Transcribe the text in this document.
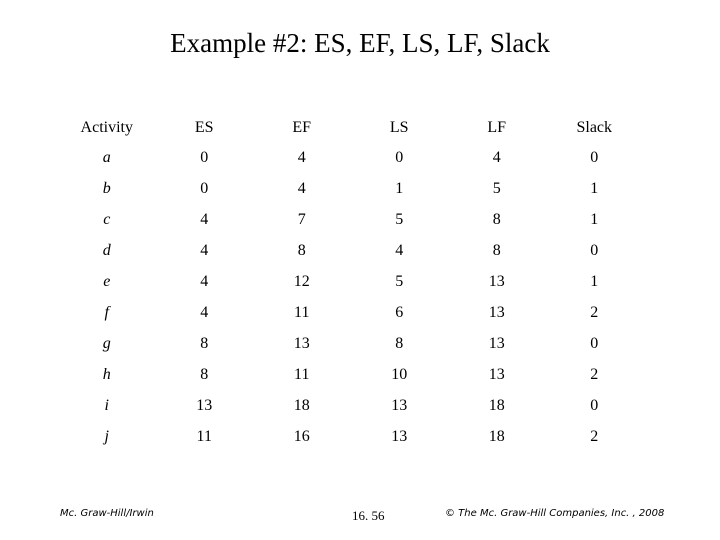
Example #2: ES, EF, LS, LF, Slack
Activity	ES	EF	LS	LF	Slack
a	0	4	0	4	0
b	0	4	1	5	1
c	4	7	5	8	1
d	4	8	4	8	0
e	4	12	5	13	1
f	4	11	6	13	2
g	8	13	8	13	0
h	8	11	10	13	2
i	13	18	13	18	0
j	11	16	13	18	2
Mc. Graw-Hill/Irwin	16. 56	© The Mc. Graw-Hill Companies, Inc. , 2008
